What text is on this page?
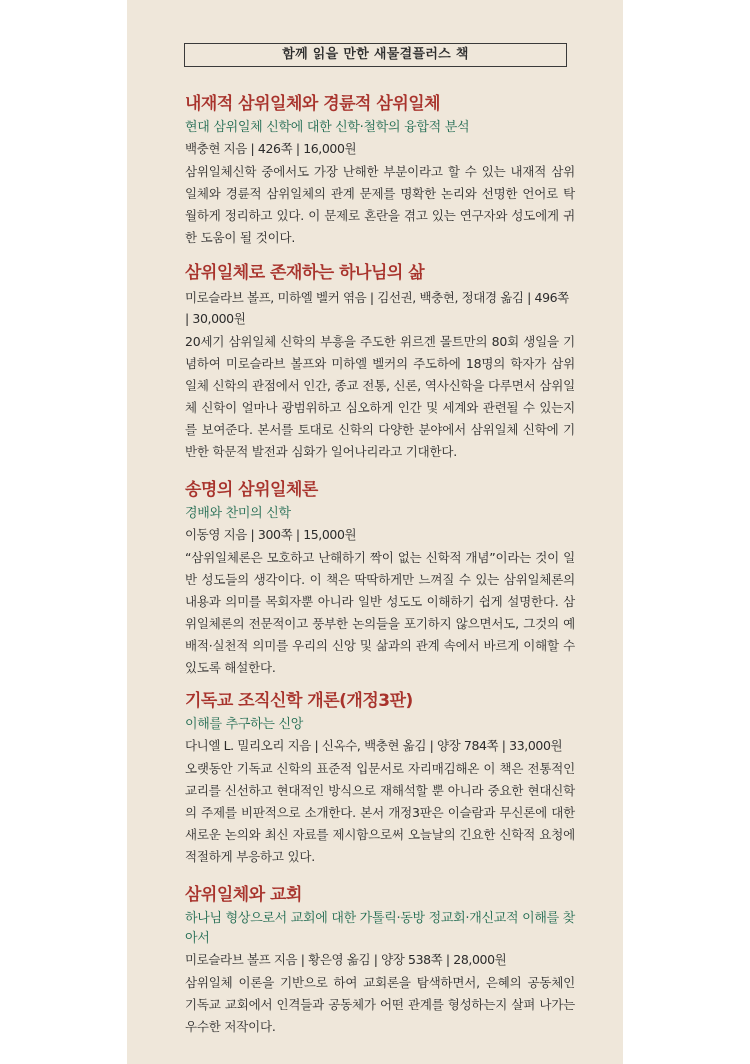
함께 읽을 만한 새물결플러스 책
내재적 삼위일체와 경륜적 삼위일체
현대 삼위일체 신학에 대한 신학·철학의 융합적 분석
백충현 지음 | 426쪽 | 16,000원
삼위일체신학 중에서도 가장 난해한 부분이라고 할 수 있는 내재적 삼위일체와 경륜적 삼위일체의 관계 문제를 명확한 논리와 선명한 언어로 탁월하게 정리하고 있다. 이 문제로 혼란을 겪고 있는 연구자와 성도에게 귀한 도움이 될 것이다.
삼위일체로 존재하는 하나님의 삶
미로슬라브 볼프, 미하엘 벨커 엮음 | 김선권, 백충현, 정대경 옮김 | 496쪽 | 30,000원
20세기 삼위일체 신학의 부흥을 주도한 위르겐 몰트만의 80회 생일을 기념하여 미로슬라브 볼프와 미하엘 벨커의 주도하에 18명의 학자가 삼위일체 신학의 관점에서 인간, 종교 전통, 신론, 역사신학을 다루면서 삼위일체 신학이 얼마나 광범위하고 심오하게 인간 및 세계와 관련될 수 있는지를 보여준다. 본서를 토대로 신학의 다양한 분야에서 삼위일체 신학에 기반한 학문적 발전과 심화가 일어나리라고 기대한다.
송명의 삼위일체론
경배와 찬미의 신학
이동영 지음 | 300쪽 | 15,000원
“삼위일체론은 모호하고 난해하기 짝이 없는 신학적 개념”이라는 것이 일반 성도들의 생각이다. 이 책은 딱딱하게만 느껴질 수 있는 삼위일체론의 내용과 의미를 목회자뿐 아니라 일반 성도도 이해하기 쉽게 설명한다. 삼위일체론의 전문적이고 풍부한 논의들을 포기하지 않으면서도, 그것의 예배적·실천적 의미를 우리의 신앙 및 삶과의 관계 속에서 바르게 이해할 수 있도록 해설한다.
기독교 조직신학 개론(개정3판)
이해를 추구하는 신앙
다니엘 L. 밀리오리 지음 | 신옥수, 백충현 옮김 | 양장 784쪽 | 33,000원
오랫동안 기독교 신학의 표준적 입문서로 자리매김해온 이 책은 전통적인 교리를 신선하고 현대적인 방식으로 재해석할 뿐 아니라 중요한 현대신학의 주제를 비판적으로 소개한다. 본서 개정3판은 이슬람과 무신론에 대한 새로운 논의와 최신 자료를 제시함으로써 오늘날의 긴요한 신학적 요청에 적절하게 부응하고 있다.
삼위일체와 교회
하나님 형상으로서 교회에 대한 가톨릭·동방 정교회·개신교적 이해를 찾아서
미로슬라브 볼프 지음 | 황은영 옮김 | 양장 538쪽 | 28,000원
삼위일체 이론을 기반으로 하여 교회론을 탐색하면서, 은혜의 공동체인 기독교 교회에서 인격들과 공동체가 어떤 관계를 형성하는지 살펴 나가는 우수한 저작이다.
